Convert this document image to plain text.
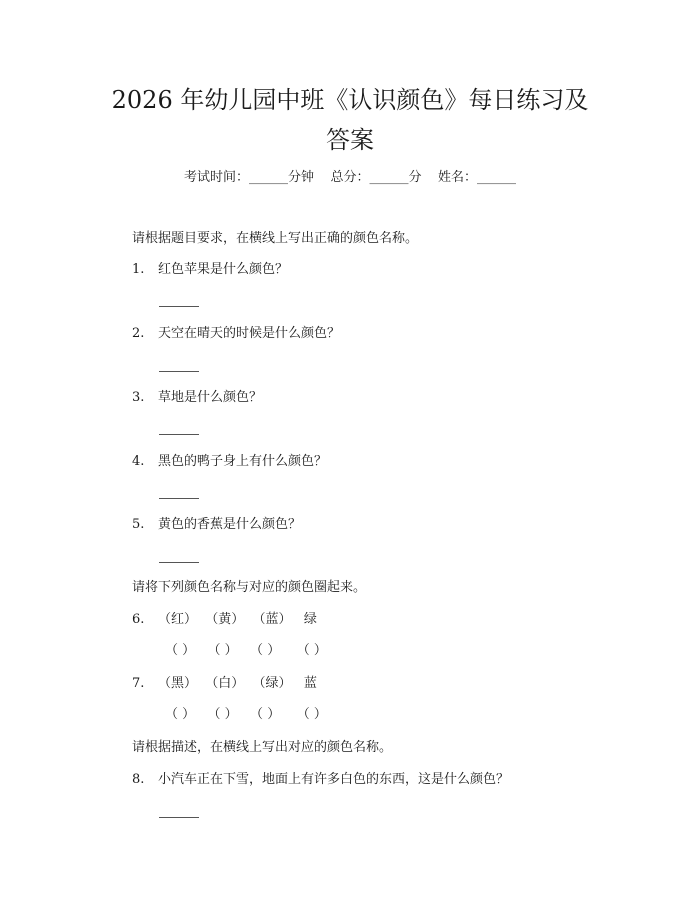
2026 年幼儿园中班《认识颜色》每日练习及
答案
考试时间：______分钟    总分：______分    姓名：______
请根据题目要求，在横线上写出正确的颜色名称。
1. 红色苹果是什么颜色？
2. 天空在晴天的时候是什么颜色？
3. 草地是什么颜色？
4. 黑色的鸭子身上有什么颜色？
5. 黄色的香蕉是什么颜色？
请将下列颜色名称与对应的颜色圈起来。
6.	（红）  （黄）  （蓝）   绿
（ ）   （ ）   （ ）    （ ）
7.	（黑）  （白）  （绿）   蓝
（ ）   （ ）   （ ）    （ ）
请根据描述，在横线上写出对应的颜色名称。
8. 小汽车正在下雪，地面上有许多白色的东西，这是什么颜色？
